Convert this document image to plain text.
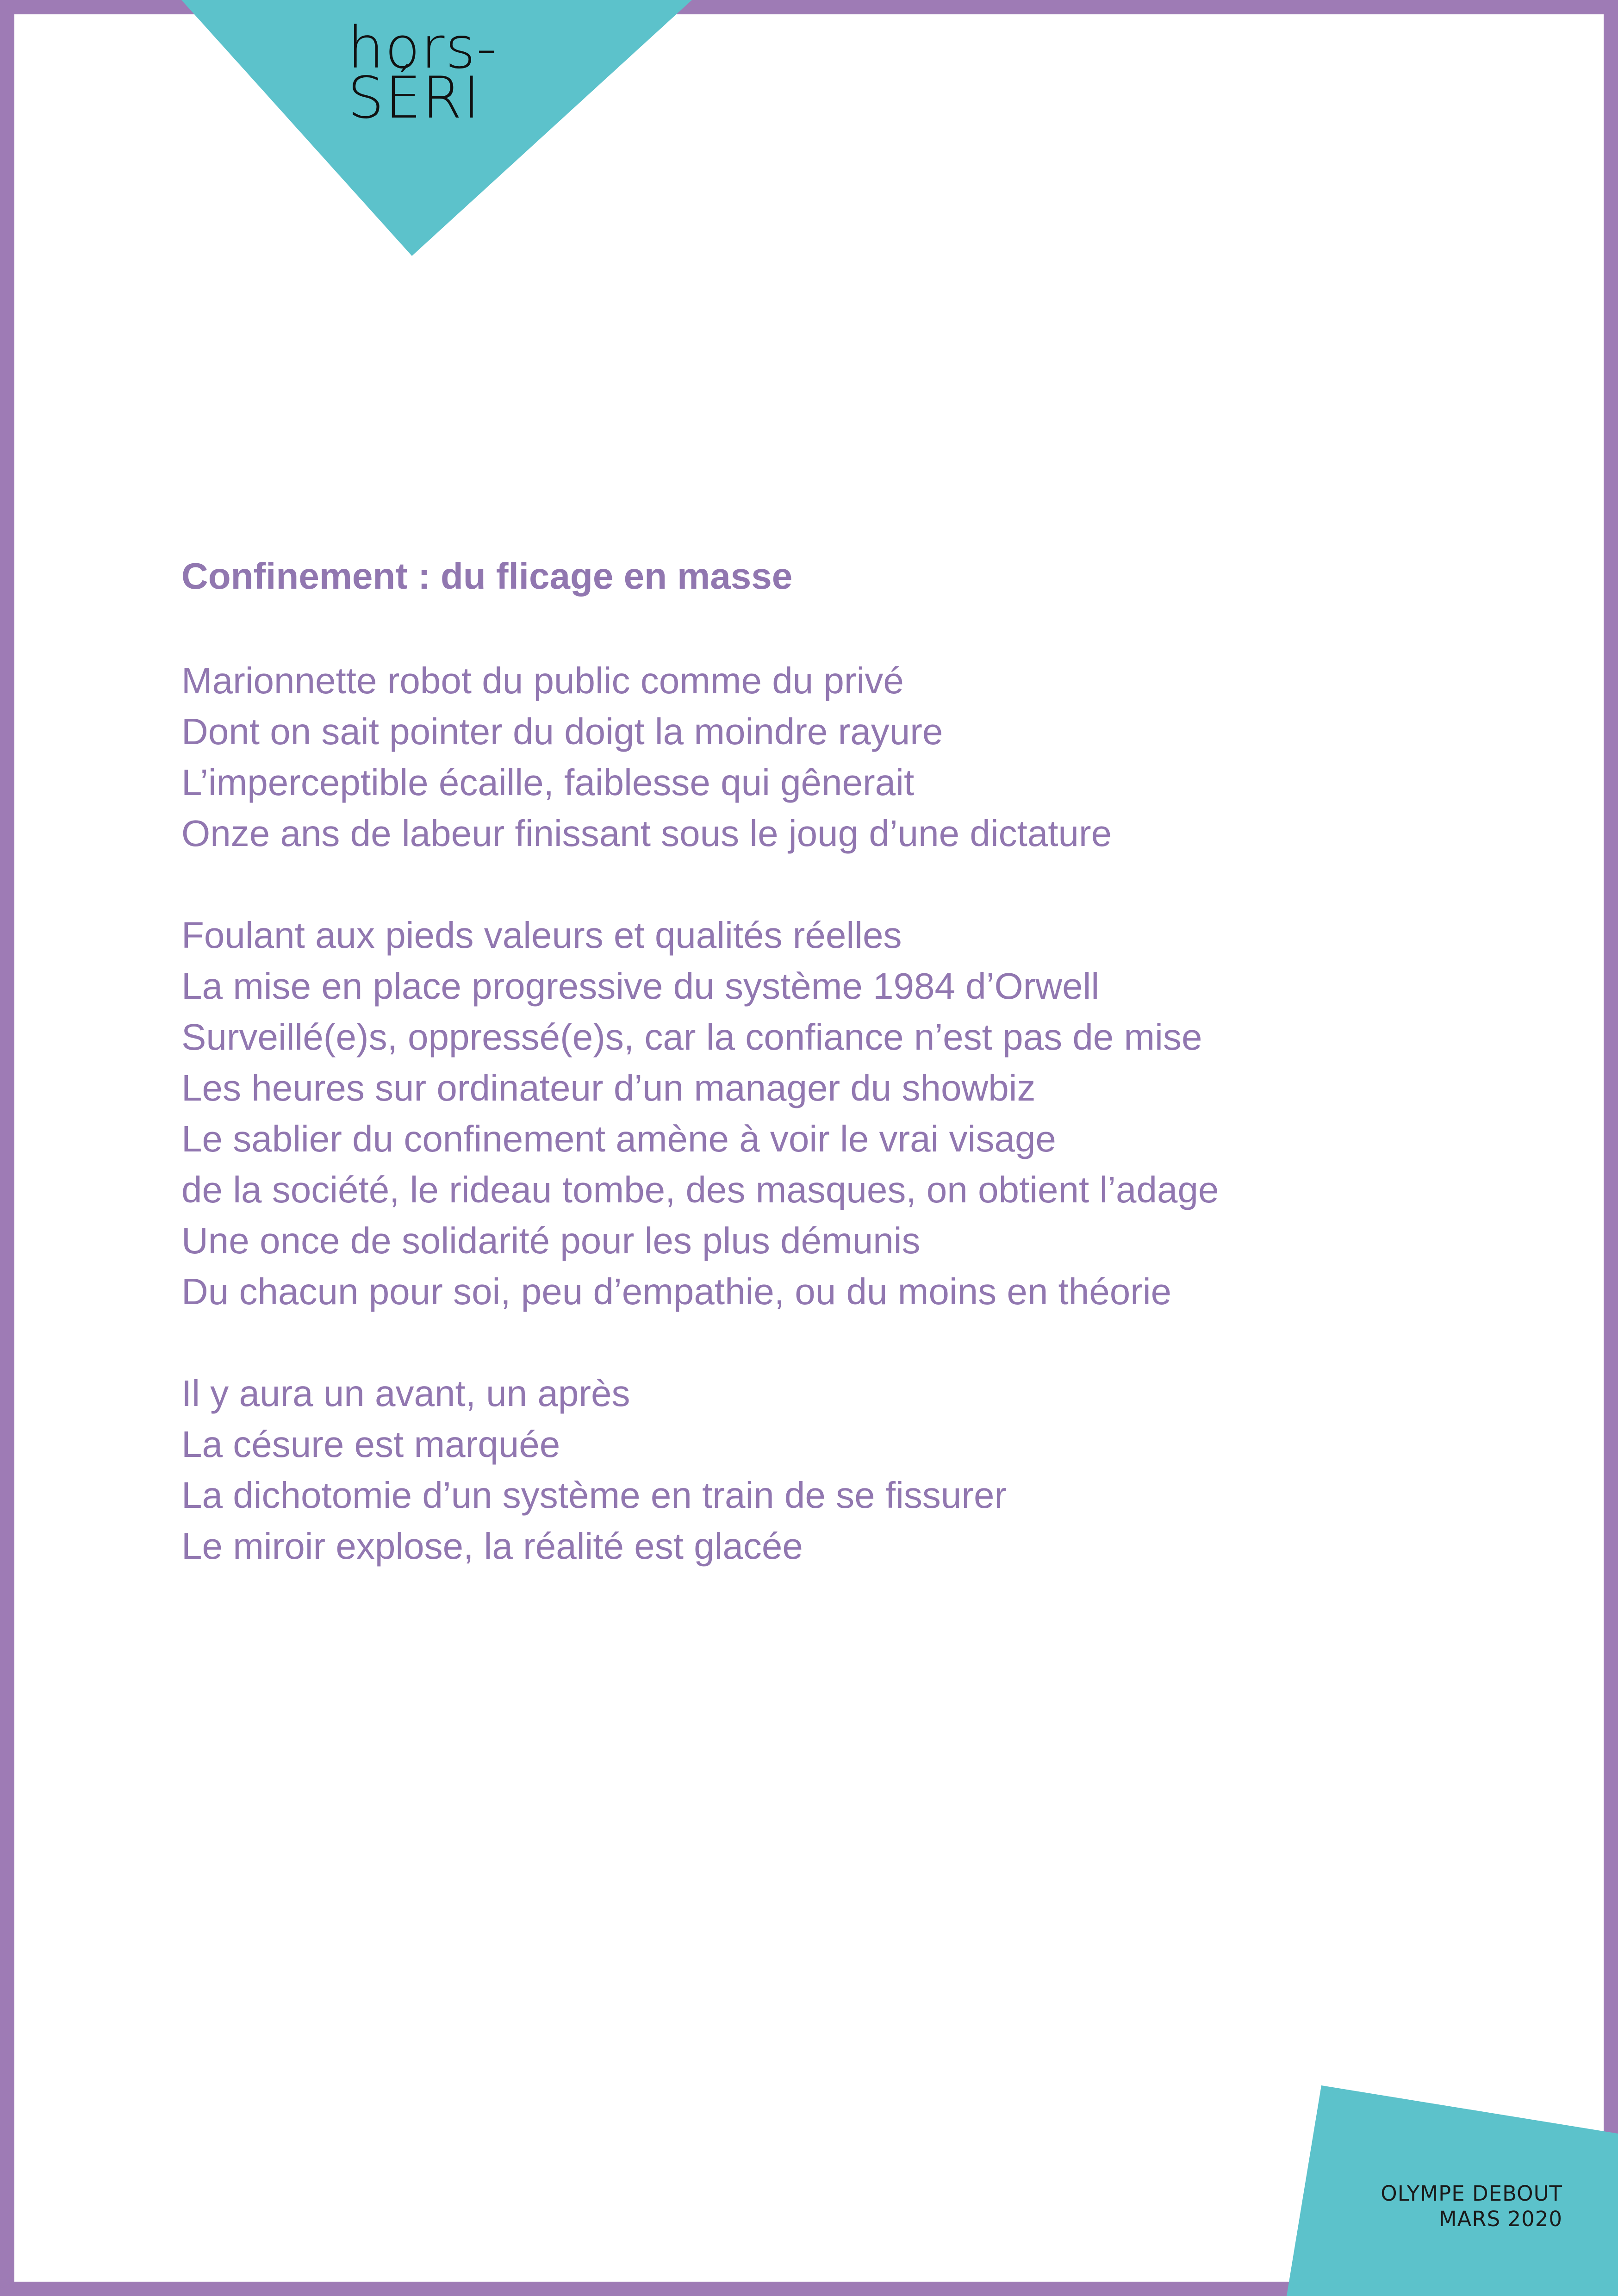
hors-
SÉRI
Confinement : du flicage en masse
Marionnette robot du public comme du privé
Dont on sait pointer du doigt la moindre rayure
L’imperceptible écaille, faiblesse qui gênerait
Onze ans de labeur finissant sous le joug d’une dictature
Foulant aux pieds valeurs et qualités réelles
La mise en place progressive du système 1984 d’Orwell
Surveillé(e)s, oppressé(e)s, car la confiance n’est pas de mise
Les heures sur ordinateur d’un manager du showbiz
Le sablier du confinement amène à voir le vrai visage
de la société, le rideau tombe, des masques, on obtient l’adage
Une once de solidarité pour les plus démunis
Du chacun pour soi, peu d’empathie, ou du moins en théorie
Il y aura un avant, un après
La césure est marquée
La dichotomie d’un système en train de se fissurer
Le miroir explose, la réalité est glacée
OLYMPE DEBOUT
MARS 2020
